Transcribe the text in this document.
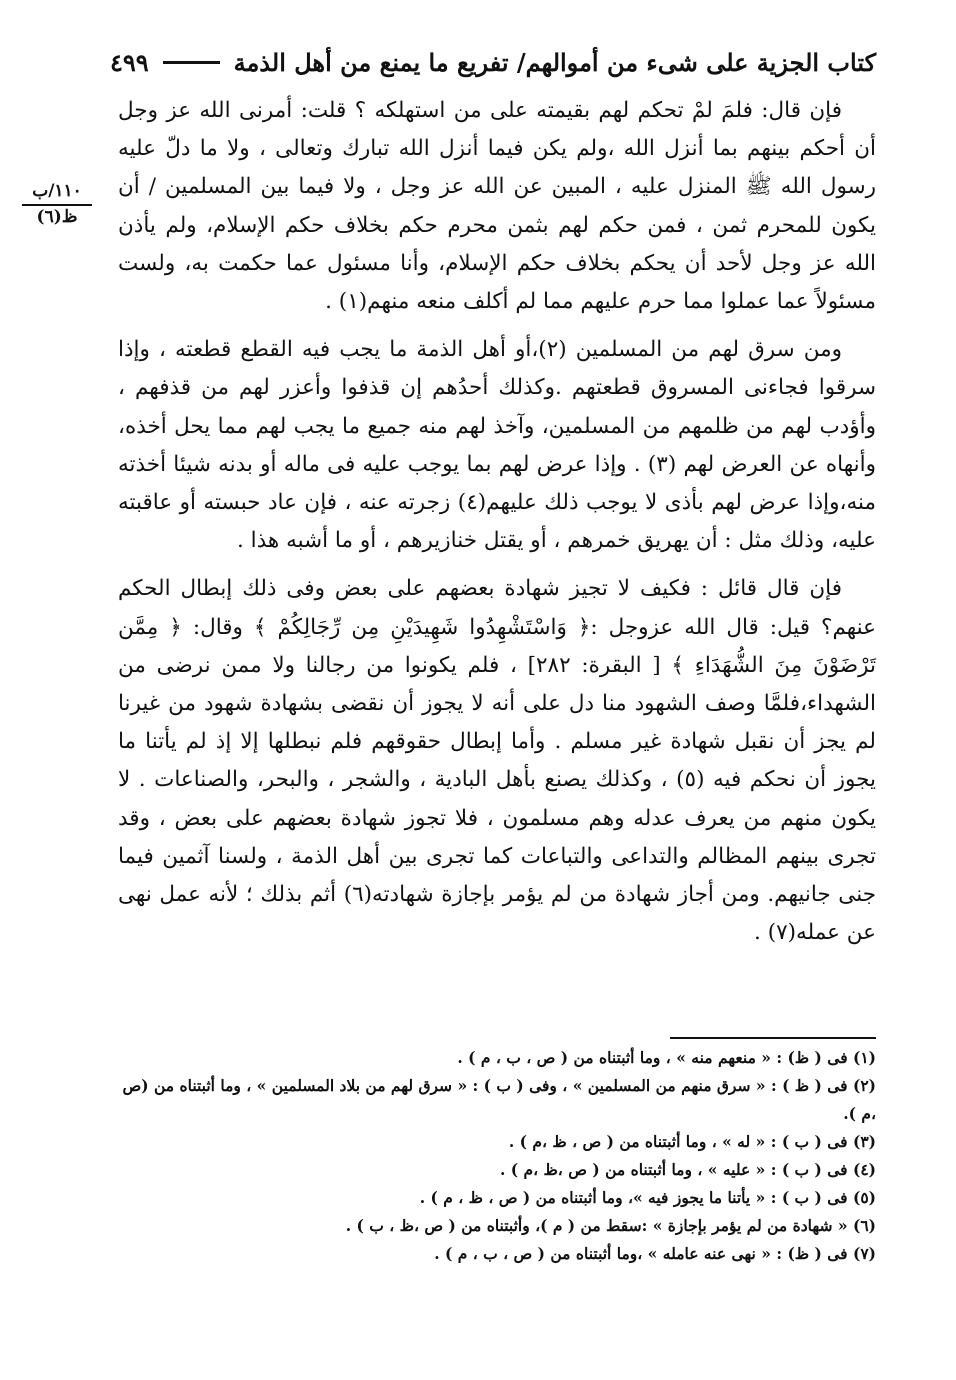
كتاب الجزية على شىء من أموالهم/ تفريع ما يمنع من أهل الذمة
٤٩٩
١١٠/ب
ظ(٦)

فإن قال: فلمَ لمْ تحكم لهم بقيمته على من استهلكه ؟ قلت: أمرنى الله عز وجل أن أحكم بينهم بما أنزل الله ،ولم يكن فيما أنزل الله تبارك وتعالى ، ولا ما دلّ عليه رسول الله ﷺ المنزل عليه ، المبين عن الله عز وجل ، ولا فيما بين المسلمين / أن يكون للمحرم ثمن ، فمن حكم لهم بثمن محرم حكم بخلاف حكم الإسلام، ولم يأذن الله عز وجل لأحد أن يحكم بخلاف حكم الإسلام، وأنا مسئول عما حكمت به، ولست مسئولاً عما عملوا مما حرم عليهم مما لم أكلف منعه منهم(١) .

ومن سرق لهم من المسلمين (٢)،أو أهل الذمة ما يجب فيه القطع قطعته ، وإذا سرقوا فجاءنى المسروق قطعتهم .وكذلك أحدُهم إن قذفوا وأعزر لهم من قذفهم ، وأؤدب لهم من ظلمهم من المسلمين، وآخذ لهم منه جميع ما يجب لهم مما يحل أخذه، وأنهاه عن العرض لهم (٣) . وإذا عرض لهم بما يوجب عليه فى ماله أو بدنه شيئا أخذته منه،وإذا عرض لهم بأذى لا يوجب ذلك عليهم(٤) زجرته عنه ، فإن عاد حبسته أو عاقبته عليه، وذلك مثل : أن يهريق خمرهم ، أو يقتل خنازيرهم ، أو ما أشبه هذا .

فإن قال قائل : فكيف لا تجيز شهادة بعضهم على بعض وفى ذلك إبطال الحكم عنهم؟ قيل: قال الله عزوجل :﴿ وَاسْتَشْهِدُوا شَهِيدَيْنِ مِن رِّجَالِكُمْ ﴾ وقال: ﴿ مِمَّن تَرْضَوْنَ مِنَ الشُّهَدَاءِ ﴾ [ البقرة: ٢٨٢] ، فلم يكونوا من رجالنا ولا ممن نرضى من الشهداء،فلمَّا وصف الشهود منا دل على أنه لا يجوز أن نقضى بشهادة شهود من غيرنا لم يجز أن نقبل شهادة غير مسلم . وأما إبطال حقوقهم فلم نبطلها إلا إذ لم يأتنا ما يجوز أن نحكم فيه (٥) ، وكذلك يصنع بأهل البادية ، والشجر ، والبحر، والصناعات . لا يكون منهم من يعرف عدله وهم مسلمون ، فلا تجوز شهادة بعضهم على بعض ، وقد تجرى بينهم المظالم والتداعى والتباعات كما تجرى بين أهل الذمة ، ولسنا آثمين فيما جنى جانيهم. ومن أجاز شهادة من لم يؤمر بإجازة شهادته(٦) أثم بذلك ؛ لأنه عمل نهى عن عمله(٧) .

(١) فى ( ظ) : « منعهم منه » ، وما أثبتناه من ( ص ، ب ، م ) .

(٢) فى ( ظ ) : « سرق منهم من المسلمين » ، وفى ( ب ) : « سرق لهم من بلاد المسلمين » ، وما أثبتناه من (ص ،م ).

(٣) فى ( ب ) : « له » ، وما أثبتناه من ( ص ، ظ ،م ) .

(٤) فى ( ب ) : « عليه » ، وما أثبتناه من ( ص ،ظ ،م ) .

(٥) فى ( ب ) : « يأتنا ما يجوز فيه »، وما أثبتناه من ( ص ، ظ ، م ) .

(٦) « شهادة من لم يؤمر بإجازة » :سقط من ( م )، وأثبتناه من ( ص ،ظ ، ب ) .

(٧) فى ( ظ) : « نهى عنه عامله » ،وما أثبتناه من ( ص ، ب ، م ) .
